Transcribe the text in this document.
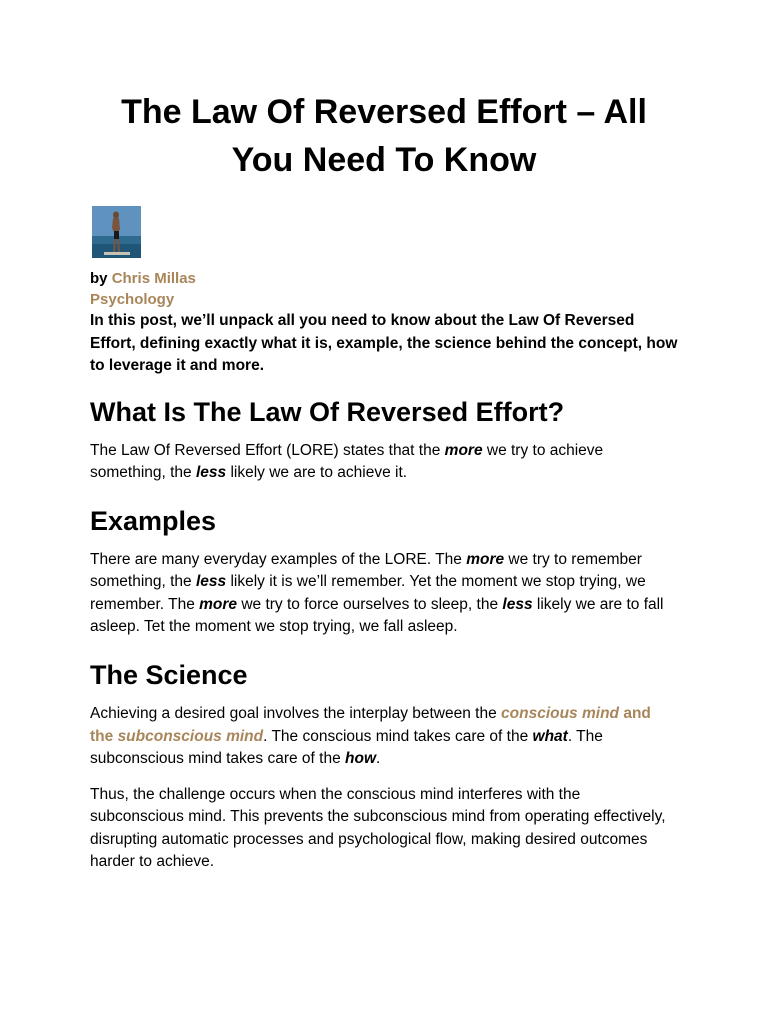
The Law Of Reversed Effort – All You Need To Know
by Chris Millas
Psychology

In this post, we’ll unpack all you need to know about the Law Of Reversed Effort, defining exactly what it is, example, the science behind the concept, how to leverage it and more.

What Is The Law Of Reversed Effort?

The Law Of Reversed Effort (LORE) states that the more we try to achieve something, the less likely we are to achieve it.

Examples

There are many everyday examples of the LORE. The more we try to remember something, the less likely it is we’ll remember. Yet the moment we stop trying, we remember. The more we try to force ourselves to sleep, the less likely we are to fall asleep. Tet the moment we stop trying, we fall asleep.

The Science

Achieving a desired goal involves the interplay between the conscious mind and the subconscious mind. The conscious mind takes care of the what. The subconscious mind takes care of the how.

Thus, the challenge occurs when the conscious mind interferes with the subconscious mind. This prevents the subconscious mind from operating effectively, disrupting automatic processes and psychological flow, making desired outcomes harder to achieve.
